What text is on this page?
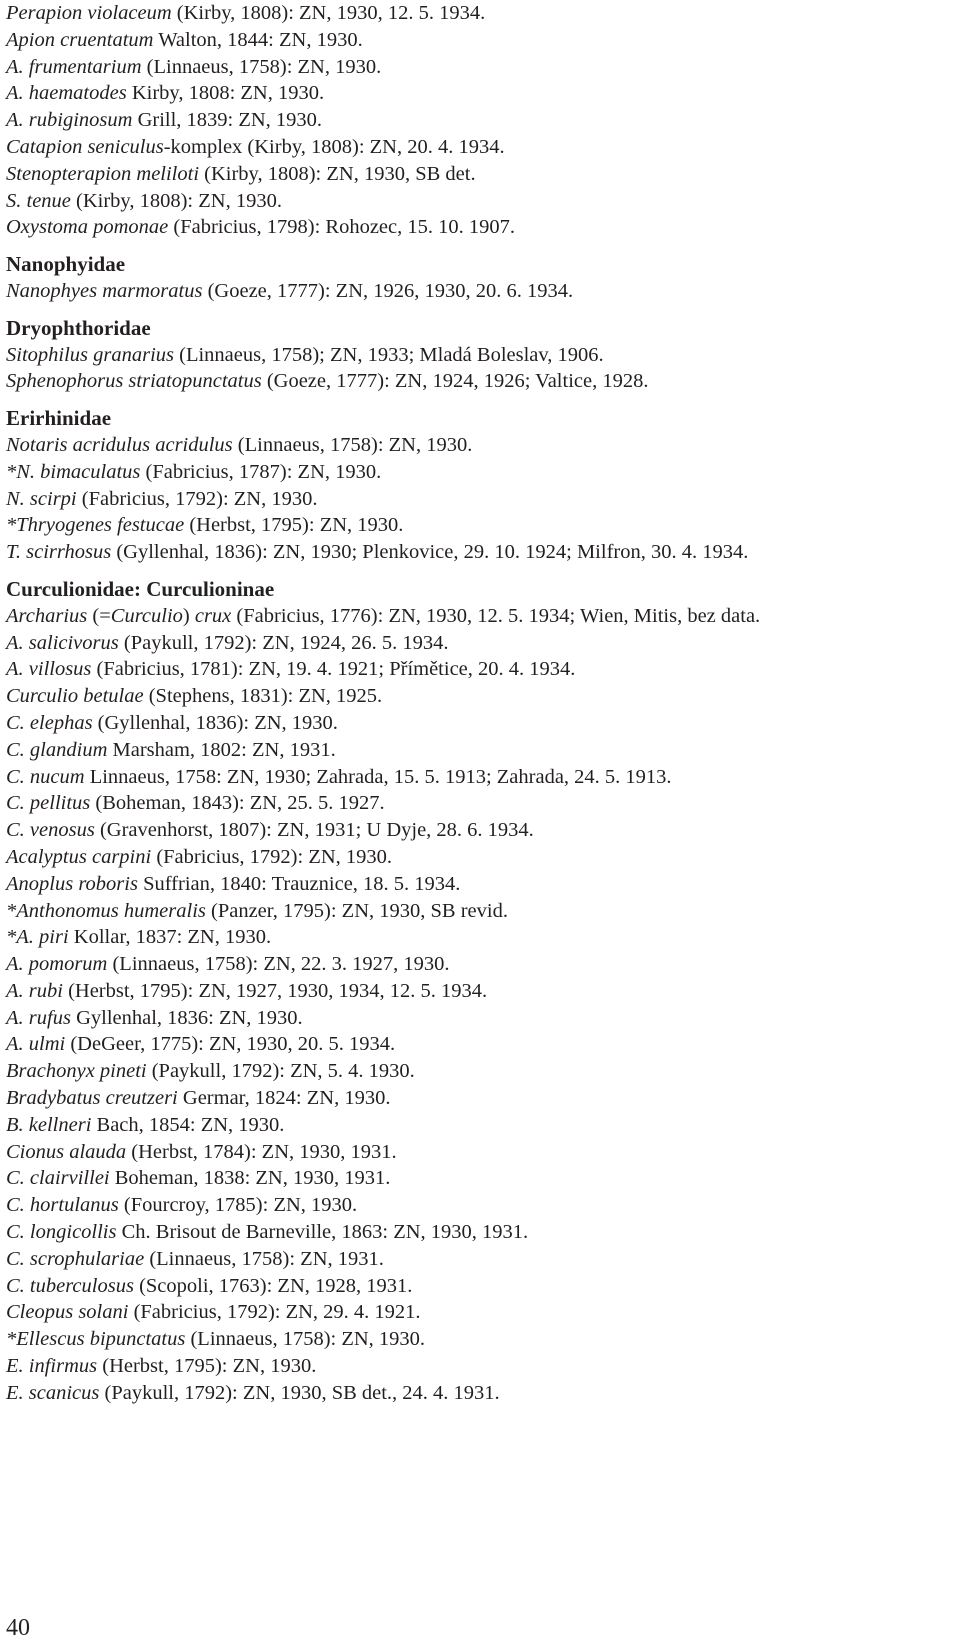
Perapion violaceum (Kirby, 1808): ZN, 1930, 12. 5. 1934.
Apion cruentatum Walton, 1844: ZN, 1930.
A. frumentarium (Linnaeus, 1758): ZN, 1930.
A. haematodes Kirby, 1808: ZN, 1930.
A. rubiginosum Grill, 1839: ZN, 1930.
Catapion seniculus-komplex (Kirby, 1808): ZN, 20. 4. 1934.
Stenopterapion meliloti (Kirby, 1808): ZN, 1930, SB det.
S. tenue (Kirby, 1808): ZN, 1930.
Oxystoma pomonae (Fabricius, 1798): Rohozec, 15. 10. 1907.
Nanophyidae
Nanophyes marmoratus (Goeze, 1777): ZN, 1926, 1930, 20. 6. 1934.
Dryophthoridae
Sitophilus granarius (Linnaeus, 1758); ZN, 1933; Mladá Boleslav, 1906.
Sphenophorus striatopunctatus (Goeze, 1777): ZN, 1924, 1926; Valtice, 1928.
Erirhinidae
Notaris acridulus acridulus (Linnaeus, 1758): ZN, 1930.
*N. bimaculatus (Fabricius, 1787): ZN, 1930.
N. scirpi (Fabricius, 1792): ZN, 1930.
*Thryogenes festucae (Herbst, 1795): ZN, 1930.
T. scirrhosus (Gyllenhal, 1836): ZN, 1930; Plenkovice, 29. 10. 1924; Milfron, 30. 4. 1934.
Curculionidae: Curculioninae
Archarius (=Curculio) crux (Fabricius, 1776): ZN, 1930, 12. 5. 1934; Wien, Mitis, bez data.
A. salicivorus (Paykull, 1792): ZN, 1924, 26. 5. 1934.
A. villosus (Fabricius, 1781): ZN, 19. 4. 1921; Přímětice, 20. 4. 1934.
Curculio betulae (Stephens, 1831): ZN, 1925.
C. elephas (Gyllenhal, 1836): ZN, 1930.
C. glandium Marsham, 1802: ZN, 1931.
C. nucum Linnaeus, 1758: ZN, 1930; Zahrada, 15. 5. 1913; Zahrada, 24. 5. 1913.
C. pellitus (Boheman, 1843): ZN, 25. 5. 1927.
C. venosus (Gravenhorst, 1807): ZN, 1931; U Dyje, 28. 6. 1934.
Acalyptus carpini (Fabricius, 1792): ZN, 1930.
Anoplus roboris Suffrian, 1840: Trauznice, 18. 5. 1934.
*Anthonomus humeralis (Panzer, 1795): ZN, 1930, SB revid.
*A. piri Kollar, 1837: ZN, 1930.
A. pomorum (Linnaeus, 1758): ZN, 22. 3. 1927, 1930.
A. rubi (Herbst, 1795): ZN, 1927, 1930, 1934, 12. 5. 1934.
A. rufus Gyllenhal, 1836: ZN, 1930.
A. ulmi (DeGeer, 1775): ZN, 1930, 20. 5. 1934.
Brachonyx pineti (Paykull, 1792): ZN, 5. 4. 1930.
Bradybatus creutzeri Germar, 1824: ZN, 1930.
B. kellneri Bach, 1854: ZN, 1930.
Cionus alauda (Herbst, 1784): ZN, 1930, 1931.
C. clairvillei Boheman, 1838: ZN, 1930, 1931.
C. hortulanus (Fourcroy, 1785): ZN, 1930.
C. longicollis Ch. Brisout de Barneville, 1863: ZN, 1930, 1931.
C. scrophulariae (Linnaeus, 1758): ZN, 1931.
C. tuberculosus (Scopoli, 1763): ZN, 1928, 1931.
Cleopus solani (Fabricius, 1792): ZN, 29. 4. 1921.
*Ellescus bipunctatus (Linnaeus, 1758): ZN, 1930.
E. infirmus (Herbst, 1795): ZN, 1930.
E. scanicus (Paykull, 1792): ZN, 1930, SB det., 24. 4. 1931.
40
